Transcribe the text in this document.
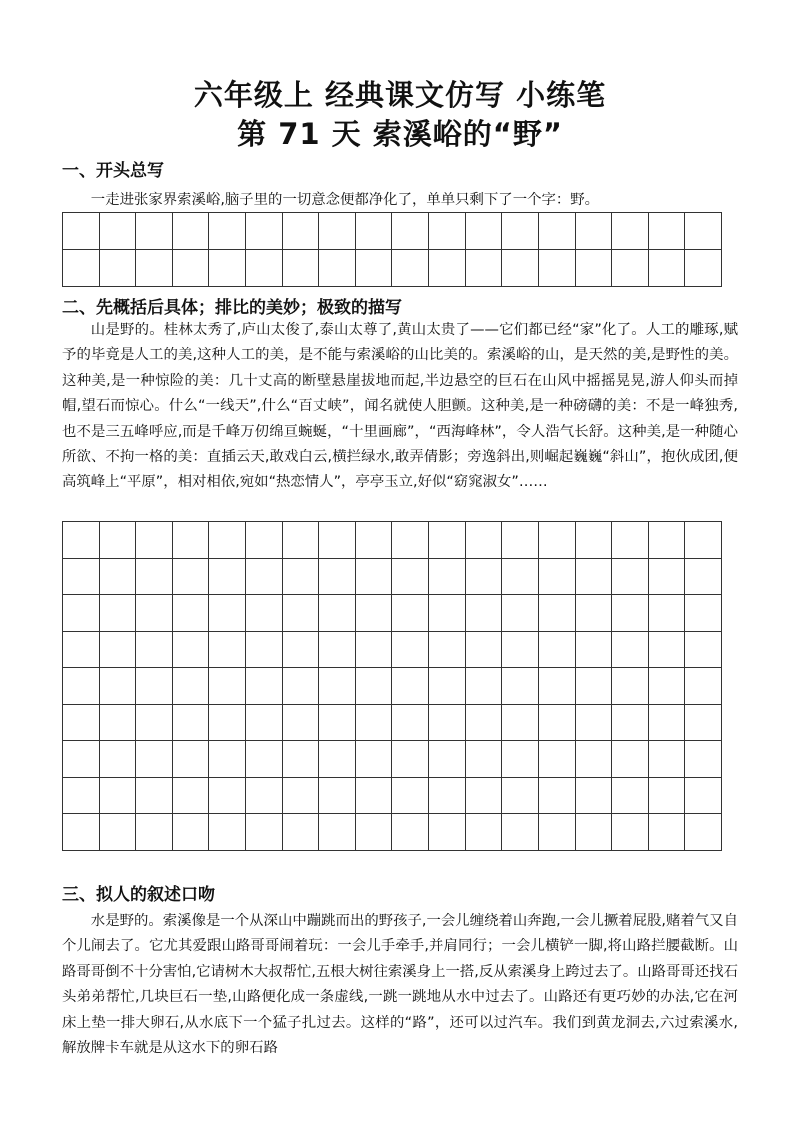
六年级上 经典课文仿写 小练笔
第 71 天 索溪峪的“野”
一、开头总写

一走进张家界索溪峪,脑子里的一切意念便都净化了，单单只剩下了一个字：野。

二、先概括后具体；排比的美妙；极致的描写

山是野的。桂林太秀了,庐山太俊了,泰山太尊了,黄山太贵了——它们都已经“家”化了。人工的雕琢,赋予的毕竟是人工的美,这种人工的美，是不能与索溪峪的山比美的。索溪峪的山，是天然的美,是野性的美。这种美,是一种惊险的美：几十丈高的断壁悬崖拔地而起,半边悬空的巨石在山风中摇摇晃晃,游人仰头而掉帽,望石而惊心。什么“一线天”,什么“百丈峡”，闻名就使人胆颤。这种美,是一种磅礴的美：不是一峰独秀,也不是三五峰呼应,而是千峰万仞绵亘蜿蜒，“十里画廊”，“西海峰林”，令人浩气长舒。这种美,是一种随心所欲、不拘一格的美：直插云天,敢戏白云,横拦绿水,敢弄倩影；旁逸斜出,则崛起巍巍“斜山”，抱伙成团,便高筑峰上“平原”，相对相依,宛如“热恋情人”，亭亭玉立,好似“窈窕淑女”……

三、拟人的叙述口吻

水是野的。索溪像是一个从深山中蹦跳而出的野孩子,一会儿缠绕着山奔跑,一会儿撅着屁股,赌着气又自个儿闹去了。它尤其爱跟山路哥哥闹着玩：一会儿手牵手,并肩同行；一会儿横铲一脚,将山路拦腰截断。山路哥哥倒不十分害怕,它请树木大叔帮忙,五根大树往索溪身上一搭,反从索溪身上跨过去了。山路哥哥还找石头弟弟帮忙,几块巨石一垫,山路便化成一条虚线,一跳一跳地从水中过去了。山路还有更巧妙的办法,它在河床上垫一排大卵石,从水底下一个猛子扎过去。这样的“路”，还可以过汽车。我们到黄龙洞去,六过索溪水,解放牌卡车就是从这水下的卵石路
